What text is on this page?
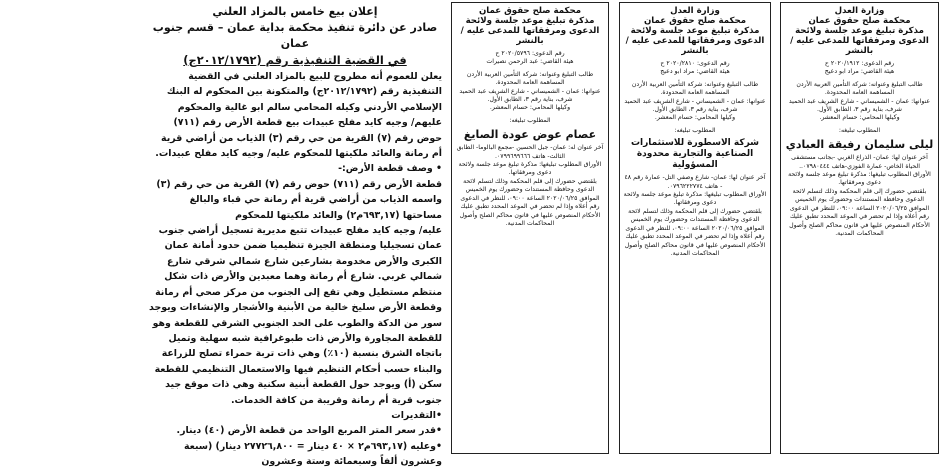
إعلان بيع خامس بالمزاد العلني
صادر عن دائرة تنفيذ محكمة بداية عمان – قسم جنوب عمان
في القضية التنفيذية رقم (٢٠١٢/١٧٩٢ج)

يعلن للعموم أنه مطروح للبيع بالمزاد العلني في القضية التنفيذية رقم (٢٠١٢/١٧٩٢ج) والمتكونة بين المحكوم له البنك الإسلامي الأردني وكيله المحامي سالم ابو غالية والمحكوم عليهم/ وجيه كايد مفلح عبيدات بيع قطعة الأرض رقم (٧١١) حوض رقم (٧) القرية من حي رقم (٣) الذياب من أراضي قرية أم رمانة والعائد ملكيتها للمحكوم عليه/ وجيه كايد مفلح عبيدات.

• وصف قطعة الأرض:-

قطعة الأرض رقم (٧١١) حوض رقم (٧) القرية من حي رقم (٣) واسمه الذياب من أراضي قرية أم رمانة حي قباء والبالغ مساحتها (٦٩٣,١٧م٢) والعائد ملكيتها للمحكوم

عليه/ وجيه كايد مفلح عبيدات تتبع مديرية تسجيل أراضي جنوب عمان تسجيليا ومنطقة الجيزة تنظيميا ضمن حدود أمانة عمان الكبرى والأرض مخدومة بشارعين شارع شمالي شرقي شارع شمالي غربي. شارع أم رمانة وهما معبدين والأرض ذات شكل منتظم مستطيل وهي تقع إلى الجنوب من مركز صحي أم رمانة وقطعة الأرض سليخ خالية من الأبنية والأشجار والإنشاءات ويوجد سور من الدكة والطوب على الحد الجنوبي الشرقي للقطعة وهو للقطعة المجاورة والأرض ذات طبوغرافية شبه سهلية وتميل باتجاه الشرق بنسبة (١٠٪) وهي ذات تربة حمراء تصلح للزراعة والبناء حسب أحكام التنظيم فيها والاستعمال التنظيمي للقطعة سكن (أ) ويوجد حول القطعة أبنية سكنية وهي ذات موقع جيد جنوب قرية أم رمانة وقريبة من كافة الخدمات.

•التقديرات

•قدر سعر المتر المربع الواحد من قطعة الأرض (٤٠) دينار.

•وعليه (٦٩٣,١٧م٢ × ٤٠ دينار = ٢٧٧٢٦,٨٠٠ دينار) (سبعة وعشرون ألفاً وسبعمائة وستة وعشرون

محكمة صلح حقوق عمان
مذكرة تبليغ موعد جلسة ولائحة الدعوى ومرفقاتها للمدعى عليه / بالنشر

رقم الدعوى: ٢٠٢٠/٥٧٩٦ ح

هيئة القاضي: عبد الرحمن نصيرات

طالب التبليغ وعنوانه: شركة التأمين العربية الأردن المساهمة العامة المحدودة.

عنوانها: عمان - الشميساني - شارع الشريف عبد الحميد شرف، بناية رقم ٣، الطابق الأول.

وكيلها المحامي: حسام المعشر.

المطلوب تبليغه:

عصام عوض عودة الصايغ

آخر عنوان له: عمان- جبل الحسين -مجمع البالوما- الطابق الثالث- هاتف ٠٧٩٩٦٩٩٦٦٦.

الأوراق المطلوب تبليغها: مذكرة تبليغ موعد جلسة ولائحة دعوى ومرفقاتها.

بلقتضي حضورك إلى قلم المحكمة وذلك لتسلم لائحة الدعوى وحافظة المستندات وحضورك يوم الخميس الموافق ٢٠٢٠/٠٦/٢٥ الساعة ٠٩:٠٠، للنظر في الدعوى رقم أعلاه وإذا لم تحضر في الموعد المحدد تطبق عليك الأحكام المنصوص عليها في قانون محاكم الصلح وأصول المحاكمات المدنية.

وزارة العدل
محكمة صلح حقوق عمان
مذكرة تبليغ موعد جلسة ولائحة الدعوى ومرفقاتها للمدعى عليه / بالنشر

رقم الدعوى: ٢٠٢٠/٢٨١٠ ح

هيئة القاضي: مراد ابو دعيج

طالب التبليغ وعنوانه: شركة التأمين العربية الأردن المساهمة العامة المحدودة.

عنوانها: عمان - الشميساني - شارع الشريف عبد الحميد شرف، بناية رقم ٣، الطابق الأول.

وكيلها المحامي: حسام المعشر.

المطلوب تبليغه:

شركة الاسطورة للاستثمارات الصناعية والتجارية محدودة المسؤولية

آخر عنوان لها: عمان- شارع وصفي التل- عمارة رقم ٤٨ - هاتف ٠٧٩٦٢٢٢٧٧٤.

الأوراق المطلوب تبليغها: مذكرة تبليغ موعد جلسة ولائحة دعوى ومرفقاتها.

بلقتضي حضورك إلى قلم المحكمة وذلك لتسلم لائحة الدعوى وحافظة المستندات وحضورك يوم الخميس الموافق ٢٠٢٠/٠٦/٢٥ الساعة ٠٩:٠٠، للنظر في الدعوى رقم أعلاه وإذا لم تحضر في الموعد المحدد تطبق عليك الأحكام المنصوص عليها في قانون محاكم الصلح وأصول المحاكمات المدنية.

وزارة العدل
محكمة صلح حقوق عمان
مذكرة تبليغ موعد جلسة ولائحة الدعوى ومرفقاتها للمدعى عليه / بالنشر

رقم الدعوى: ٢٠٢٠/١٩١٢ ح

هيئة القاضي: مراد ابو دعيج

طالب التبليغ وعنوانه: شركة التأمين العربية الأردن المساهمة العامة المحدودة.

عنوانها: عمان - الشميساني - شارع الشريف عبد الحميد شرف، بناية رقم ٣، الطابق الأول.

وكيلها المحامي: حسام المعشر.

المطلوب تبليغه:

ليلى سليمان رفيقة العبادي

آخر عنوان لها: عمان- الذراع الغربي -بجانب مستشفى الحياة الخاص- عمارة الفوزي-هاتف ٠٧٩٨٠٤٤٤..

الأوراق المطلوب تبليغها: مذكرة تبليغ موعد جلسة ولائحة دعوى ومرفقاتها.

بلقتضي حضورك إلى قلم المحكمة وذلك لتسلم لائحة الدعوى وحافظة المستندات وحضورك يوم الخميس الموافق ٢٠٢٠/٠٦/٢٥ الساعة ٠٩:٠٠، للنظر في الدعوى رقم أعلاه وإذا لم تحضر في الموعد المحدد تطبق عليك الأحكام المنصوص عليها في قانون محاكم الصلح وأصول المحاكمات المدنية.
